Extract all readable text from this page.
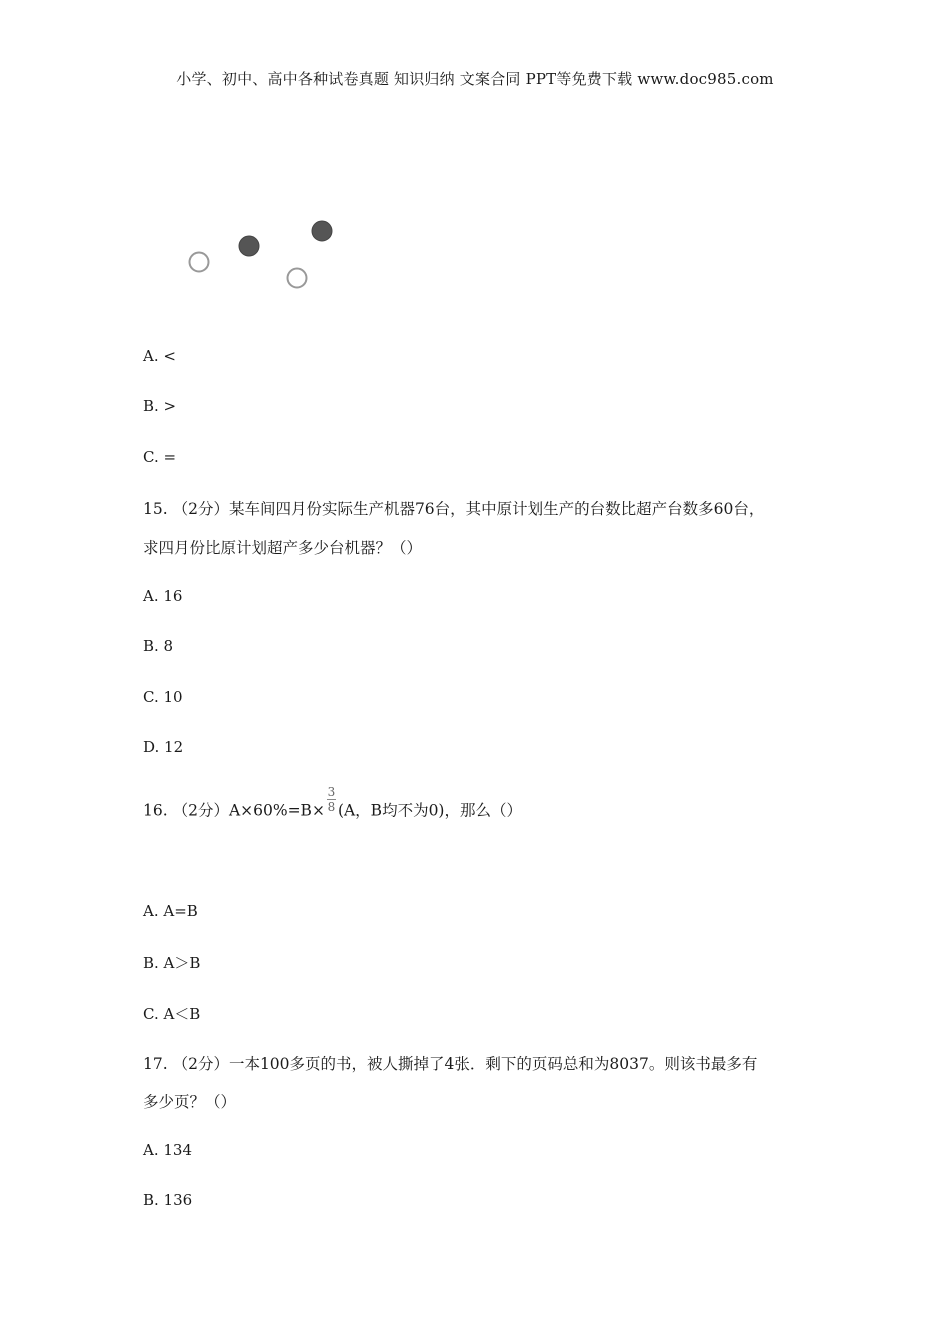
小学、初中、高中各种试卷真题 知识归纳 文案合同 PPT等免费下载 www.doc985.com
A. <
B. >
C. =
15. （2分）某车间四月份实际生产机器76台，其中原计划生产的台数比超产台数多60台，
求四月份比原计划超产多少台机器？（）
A. 16
B. 8
C. 10
D. 12
16. （2分）$A\times 60\%=B\times \frac{3}{8} (A$，B均不为0)，那么（）
A. A=B
B. A＞B
C. A＜B
17. （2分）一本100多页的书，被人撕掉了4张．剩下的页码总和为8037。则该书最多有
多少页？（）
A. 134
B. 136
